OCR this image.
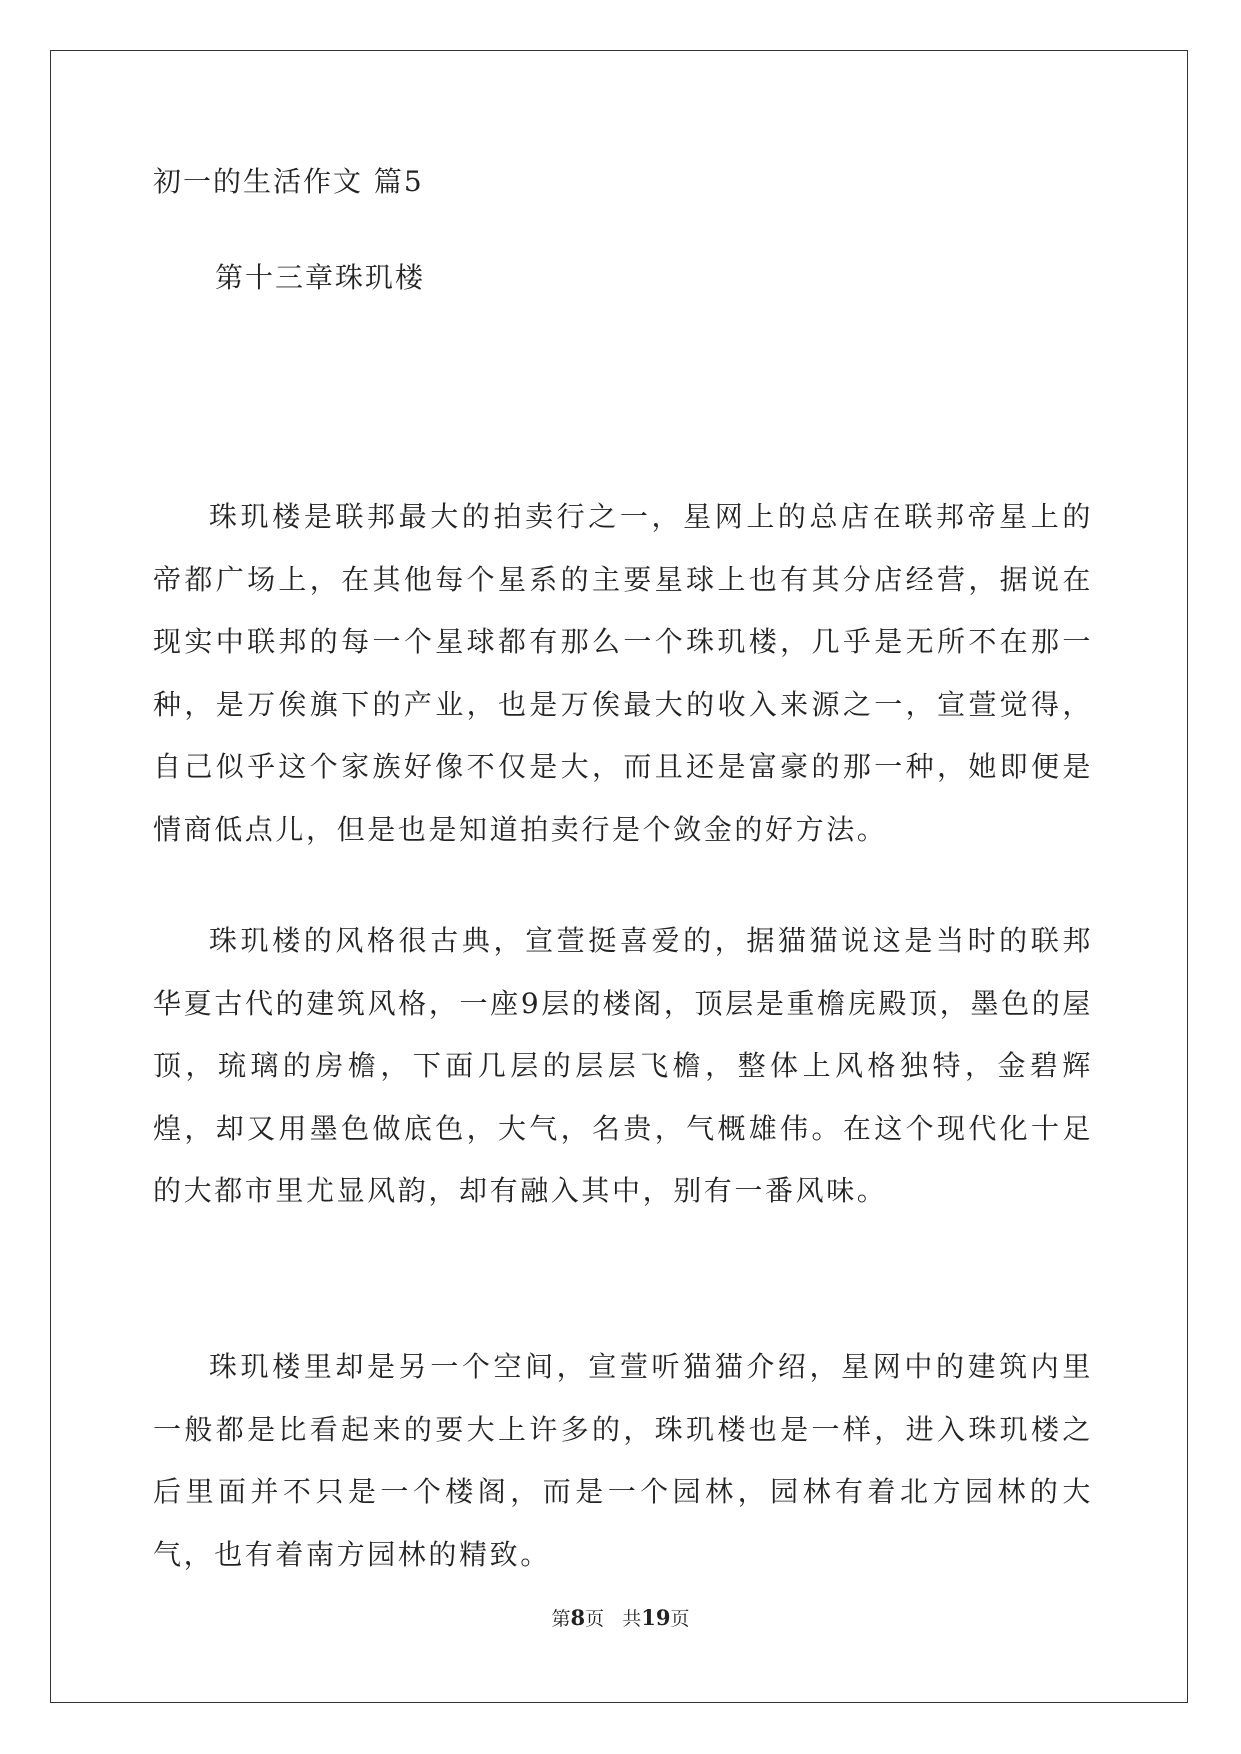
初一的生活作文 篇5
第十三章珠玑楼

珠玑楼是联邦最大的拍卖行之一，星网上的总店在联邦帝星上的帝都广场上，在其他每个星系的主要星球上也有其分店经营，据说在现实中联邦的每一个星球都有那么一个珠玑楼，几乎是无所不在那一种，是万俟旗下的产业，也是万俟最大的收入来源之一，宣萱觉得，自己似乎这个家族好像不仅是大，而且还是富豪的那一种，她即便是情商低点儿，但是也是知道拍卖行是个敛金的好方法。

珠玑楼的风格很古典，宣萱挺喜爱的，据猫猫说这是当时的联邦华夏古代的建筑风格，一座9层的楼阁，顶层是重檐庑殿顶，墨色的屋顶，琉璃的房檐，下面几层的层层飞檐，整体上风格独特，金碧辉煌，却又用墨色做底色，大气，名贵，气概雄伟。在这个现代化十足的大都市里尤显风韵，却有融入其中，别有一番风味。

珠玑楼里却是另一个空间，宣萱听猫猫介绍，星网中的建筑内里一般都是比看起来的要大上许多的，珠玑楼也是一样，进入珠玑楼之后里面并不只是一个楼阁，而是一个园林，园林有着北方园林的大气，也有着南方园林的精致。

第8页 共19页
